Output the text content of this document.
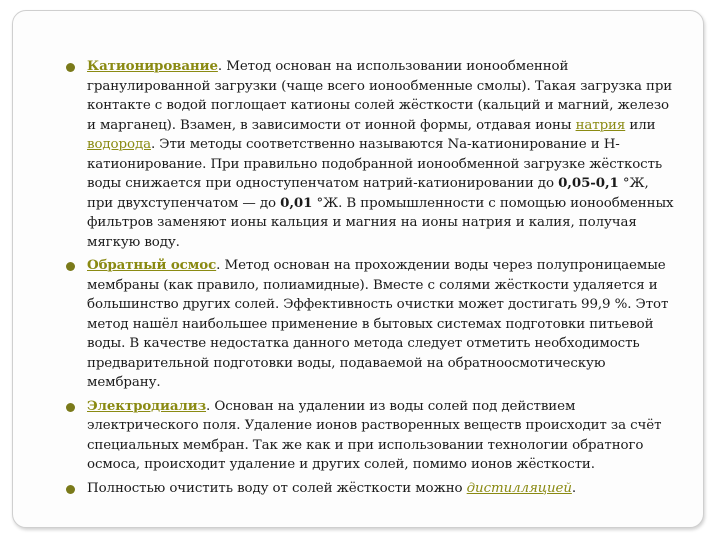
Катионирование. Метод основан на использовании ионообменной гранулированной загрузки (чаще всего ионообменные смолы). Такая загрузка при контакте с водой поглощает катионы солей жёсткости (кальций и магний, железо и марганец). Взамен, в зависимости от ионной формы, отдавая ионы натрия или водорода. Эти методы соответственно называются Na-катионирование и H-катионирование. При правильно подобранной ионообменной загрузке жёсткость воды снижается при одноступенчатом натрий-катионировании до 0,05-0,1 °Ж, при двухступенчатом — до 0,01 °Ж. В промышленности с помощью ионообменных фильтров заменяют ионы кальция и магния на ионы натрия и калия, получая мягкую воду.
Обратный осмос. Метод основан на прохождении воды через полупроницаемые мембраны (как правило, полиамидные). Вместе с солями жёсткости удаляется и большинство других солей. Эффективность очистки может достигать 99,9 %. Этот метод нашёл наибольшее применение в бытовых системах подготовки питьевой воды. В качестве недостатка данного метода следует отметить необходимость предварительной подготовки воды, подаваемой на обратноосмотическую мембрану.
Электродиализ. Основан на удалении из воды солей под действием электрического поля. Удаление ионов растворенных веществ происходит за счёт специальных мембран. Так же как и при использовании технологии обратного осмоса, происходит удаление и других солей, помимо ионов жёсткости.
Полностью очистить воду от солей жёсткости можно дистилляцией.
